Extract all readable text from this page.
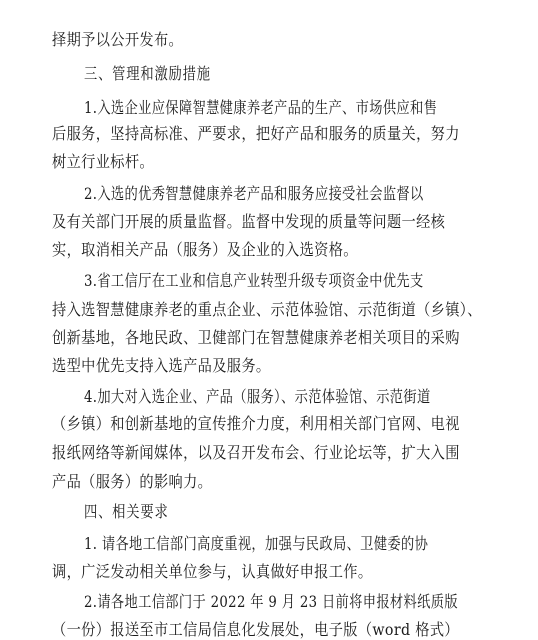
择期予以公开发布。
三、管理和激励措施
1.入选企业应保障智慧健康养老产品的生产、市场供应和售
后服务，坚持高标准、严要求，把好产品和服务的质量关，努力
树立行业标杆。
2.入选的优秀智慧健康养老产品和服务应接受社会监督以
及有关部门开展的质量监督。监督中发现的质量等问题一经核
实，取消相关产品（服务）及企业的入选资格。
3.省工信厅在工业和信息产业转型升级专项资金中优先支
持入选智慧健康养老的重点企业、示范体验馆、示范街道（乡镇）、
创新基地，各地民政、卫健部门在智慧健康养老相关项目的采购
选型中优先支持入选产品及服务。
4.加大对入选企业、产品（服务）、示范体验馆、示范街道
（乡镇）和创新基地的宣传推介力度，利用相关部门官网、电视
报纸网络等新闻媒体，以及召开发布会、行业论坛等，扩大入围
产品（服务）的影响力。
四、相关要求
1. 请各地工信部门高度重视，加强与民政局、卫健委的协
调，广泛发动相关单位参与，认真做好申报工作。
2.请各地工信部门于 2022 年 9 月 23 日前将申报材料纸质版
（一份）报送至市工信局信息化发展处，电子版（word 格式）
